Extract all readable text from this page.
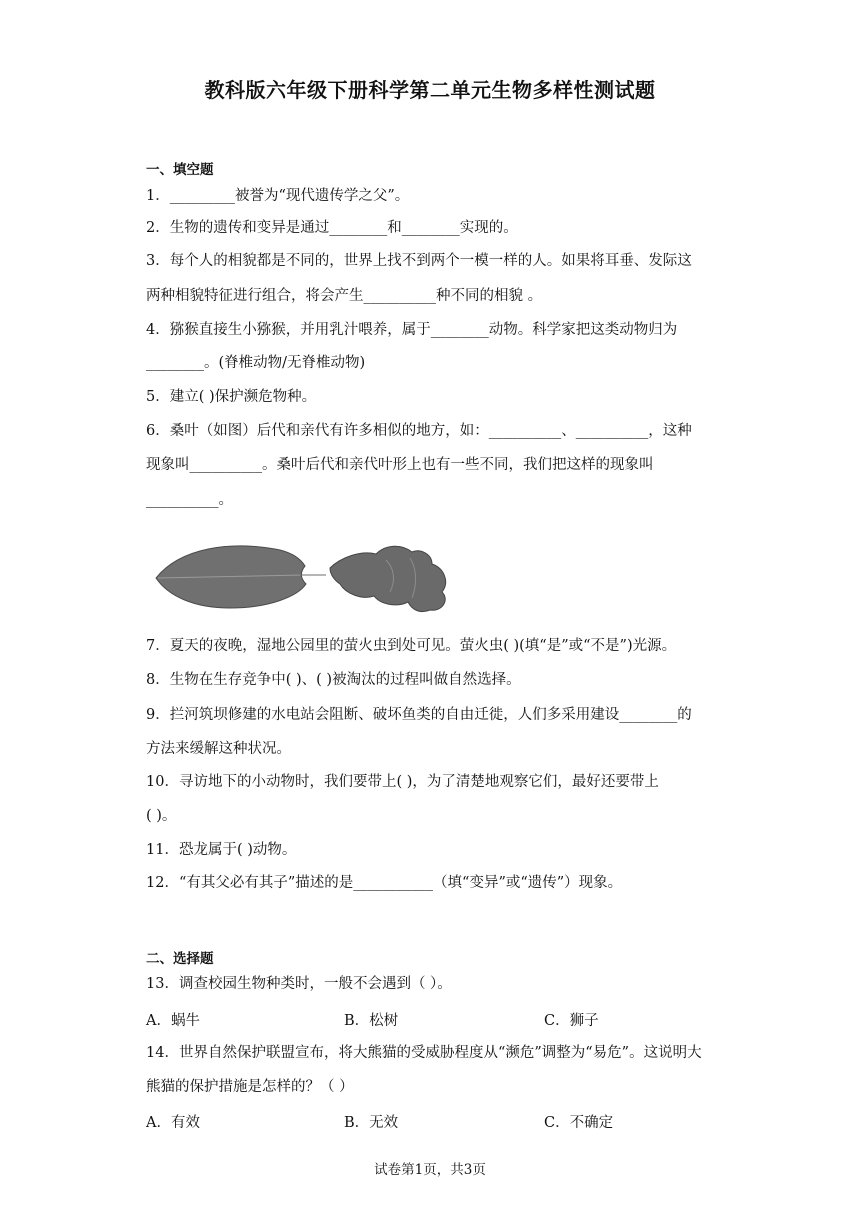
教科版六年级下册科学第二单元生物多样性测试题
一、填空题
1．_________被誉为“现代遗传学之父”。
2．生物的遗传和变异是通过________和________实现的。
3．每个人的相貌都是不同的，世界上找不到两个一模一样的人。如果将耳垂、发际这
两种相貌特征进行组合，将会产生__________种不同的相貌 。
4．猕猴直接生小猕猴，并用乳汁喂养，属于________动物。科学家把这类动物归为
________。(脊椎动物/无脊椎动物)
5．建立( )保护濒危物种。
6．桑叶（如图）后代和亲代有许多相似的地方，如：__________、__________，这种
现象叫__________。桑叶后代和亲代叶形上也有一些不同，我们把这样的现象叫
__________。
7．夏天的夜晚，湿地公园里的萤火虫到处可见。萤火虫( )(填“是”或“不是”)光源。
8．生物在生存竞争中( )、( )被淘汰的过程叫做自然选择。
9．拦河筑坝修建的水电站会阻断、破坏鱼类的自由迁徙，人们多采用建设________的
方法来缓解这种状况。
10．寻访地下的小动物时，我们要带上( )，为了清楚地观察它们，最好还要带上
( )。
11．恐龙属于( )动物。
12．“有其父必有其子”描述的是___________（填“变异”或“遗传”）现象。
二、选择题
13．调查校园生物种类时，一般不会遇到（ ）。
A．蜗牛	B．松树	C．狮子
14．世界自然保护联盟宣布，将大熊猫的受威胁程度从“濒危”调整为“易危”。这说明大
熊猫的保护措施是怎样的？（ ）
A．有效	B．无效	C．不确定
试卷第1页，共3页
